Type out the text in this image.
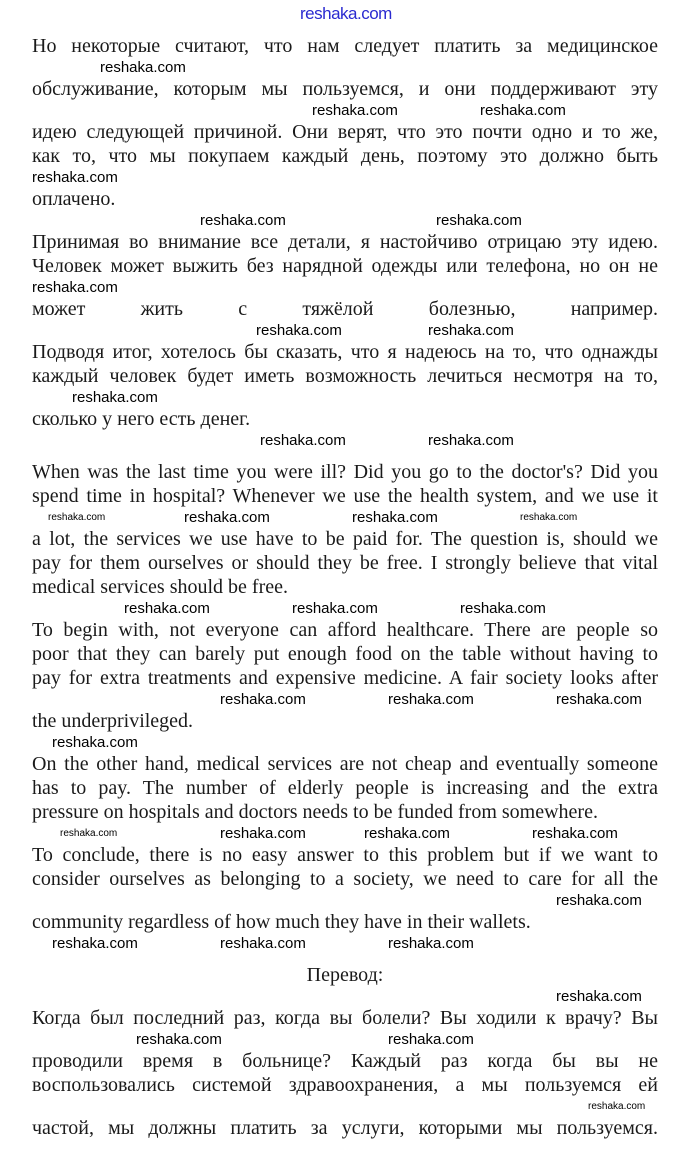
reshaka.com
Но некоторые считают, что нам следует платить за медицинское
reshaka.com
обслуживание, которым мы пользуемся, и они поддерживают эту
reshaka.com	reshaka.com
идею следующей причиной. Они верят, что это почти одно и то же,
как то, что мы покупаем каждый день, поэтому это должно быть
reshaka.com
оплачено.
reshaka.com	reshaka.com
Принимая во внимание все детали, я настойчиво отрицаю эту идею.
Человек может выжить без нарядной одежды или телефона, но он не
reshaka.com
может жить с тяжёлой болезнью, например.
reshaka.com	reshaka.com
Подводя итог, хотелось бы сказать, что я надеюсь на то, что однажды
каждый человек будет иметь возможность лечиться несмотря на то,
reshaka.com
сколько у него есть денег.
reshaka.com	reshaka.com
When was the last time you were ill? Did you go to the doctor's? Did you
spend time in hospital? Whenever we use the health system, and we use it
reshaka.com	reshaka.com	reshaka.com	reshaka.com
a lot, the services we use have to be paid for. The question is, should we
pay for them ourselves or should they be free. I strongly believe that vital
medical services should be free.
reshaka.com	reshaka.com	reshaka.com
To begin with, not everyone can afford healthcare. There are people so
poor that they can barely put enough food on the table without having to
pay for extra treatments and expensive medicine. A fair society looks after
reshaka.com	reshaka.com	reshaka.com
the underprivileged.
reshaka.com
On the other hand, medical services are not cheap and eventually someone
has to pay. The number of elderly people is increasing and the extra
pressure on hospitals and doctors needs to be funded from somewhere.
reshaka.com	reshaka.com	reshaka.com	reshaka.com
To conclude, there is no easy answer to this problem but if we want to
consider ourselves as belonging to a society, we need to care for all the
reshaka.com
community regardless of how much they have in their wallets.
reshaka.com	reshaka.com	reshaka.com
Перевод:
reshaka.com
Когда был последний раз, когда вы болели? Вы ходили к врачу? Вы
reshaka.com	reshaka.com
проводили время в больнице? Каждый раз когда бы вы не
воспользовались системой здравоохранения, а мы пользуемся ей
reshaka.com
частой, мы должны платить за услуги, которыми мы пользуемся.
